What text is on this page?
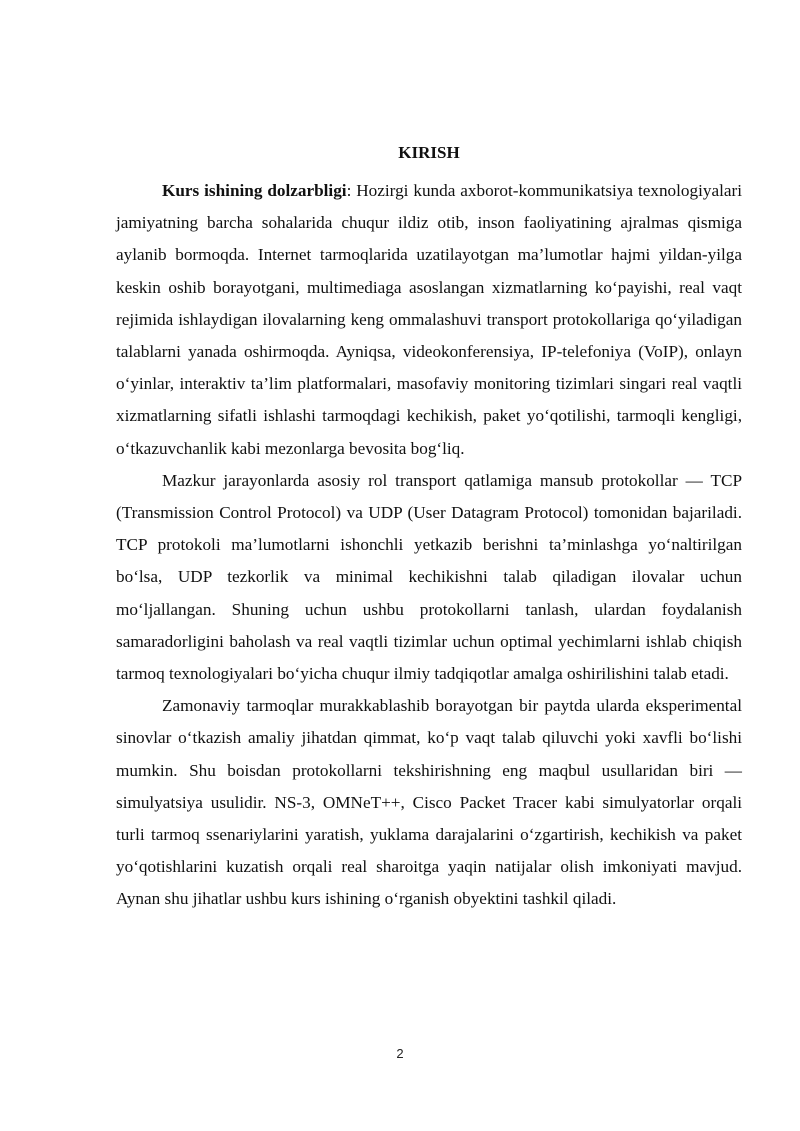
KIRISH

Kurs ishining dolzarbligi: Hozirgi kunda axborot-kommunikatsiya texnologiyalari jamiyatning barcha sohalarida chuqur ildiz otib, inson faoliyatining ajralmas qismiga aylanib bormoqda. Internet tarmoqlarida uzatilayotgan ma’lumotlar hajmi yildan-yilga keskin oshib borayotgani, multimediaga asoslangan xizmatlarning ko‘payishi, real vaqt rejimida ishlaydigan ilovalarning keng ommalashuvi transport protokollariga qo‘yiladigan talablarni yanada oshirmoqda. Ayniqsa, videokonferensiya, IP-telefoniya (VoIP), onlayn o‘yinlar, interaktiv ta’lim platformalari, masofaviy monitoring tizimlari singari real vaqtli xizmatlarning sifatli ishlashi tarmoqdagi kechikish, paket yo‘qotilishi, tarmoqli kengligi, o‘tkazuvchanlik kabi mezonlarga bevosita bog‘liq.

Mazkur jarayonlarda asosiy rol transport qatlamiga mansub protokollar — TCP (Transmission Control Protocol) va UDP (User Datagram Protocol) tomonidan bajariladi. TCP protokoli ma’lumotlarni ishonchli yetkazib berishni ta’minlashga yo‘naltirilgan bo‘lsa, UDP tezkorlik va minimal kechikishni talab qiladigan ilovalar uchun mo‘ljallangan. Shuning uchun ushbu protokollarni tanlash, ulardan foydalanish samaradorligini baholash va real vaqtli tizimlar uchun optimal yechimlarni ishlab chiqish tarmoq texnologiyalari bo‘yicha chuqur ilmiy tadqiqotlar amalga oshirilishini talab etadi.

Zamonaviy tarmoqlar murakkablashib borayotgan bir paytda ularda eksperimental sinovlar o‘tkazish amaliy jihatdan qimmat, ko‘p vaqt talab qiluvchi yoki xavfli bo‘lishi mumkin. Shu boisdan protokollarni tekshirishning eng maqbul usullaridan biri — simulyatsiya usulidir. NS-3, OMNeT++, Cisco Packet Tracer kabi simulyatorlar orqali turli tarmoq ssenariylarini yaratish, yuklama darajalarini o‘zgartirish, kechikish va paket yo‘qotishlarini kuzatish orqali real sharoitga yaqin natijalar olish imkoniyati mavjud. Aynan shu jihatlar ushbu kurs ishining o‘rganish obyektini tashkil qiladi.

2
